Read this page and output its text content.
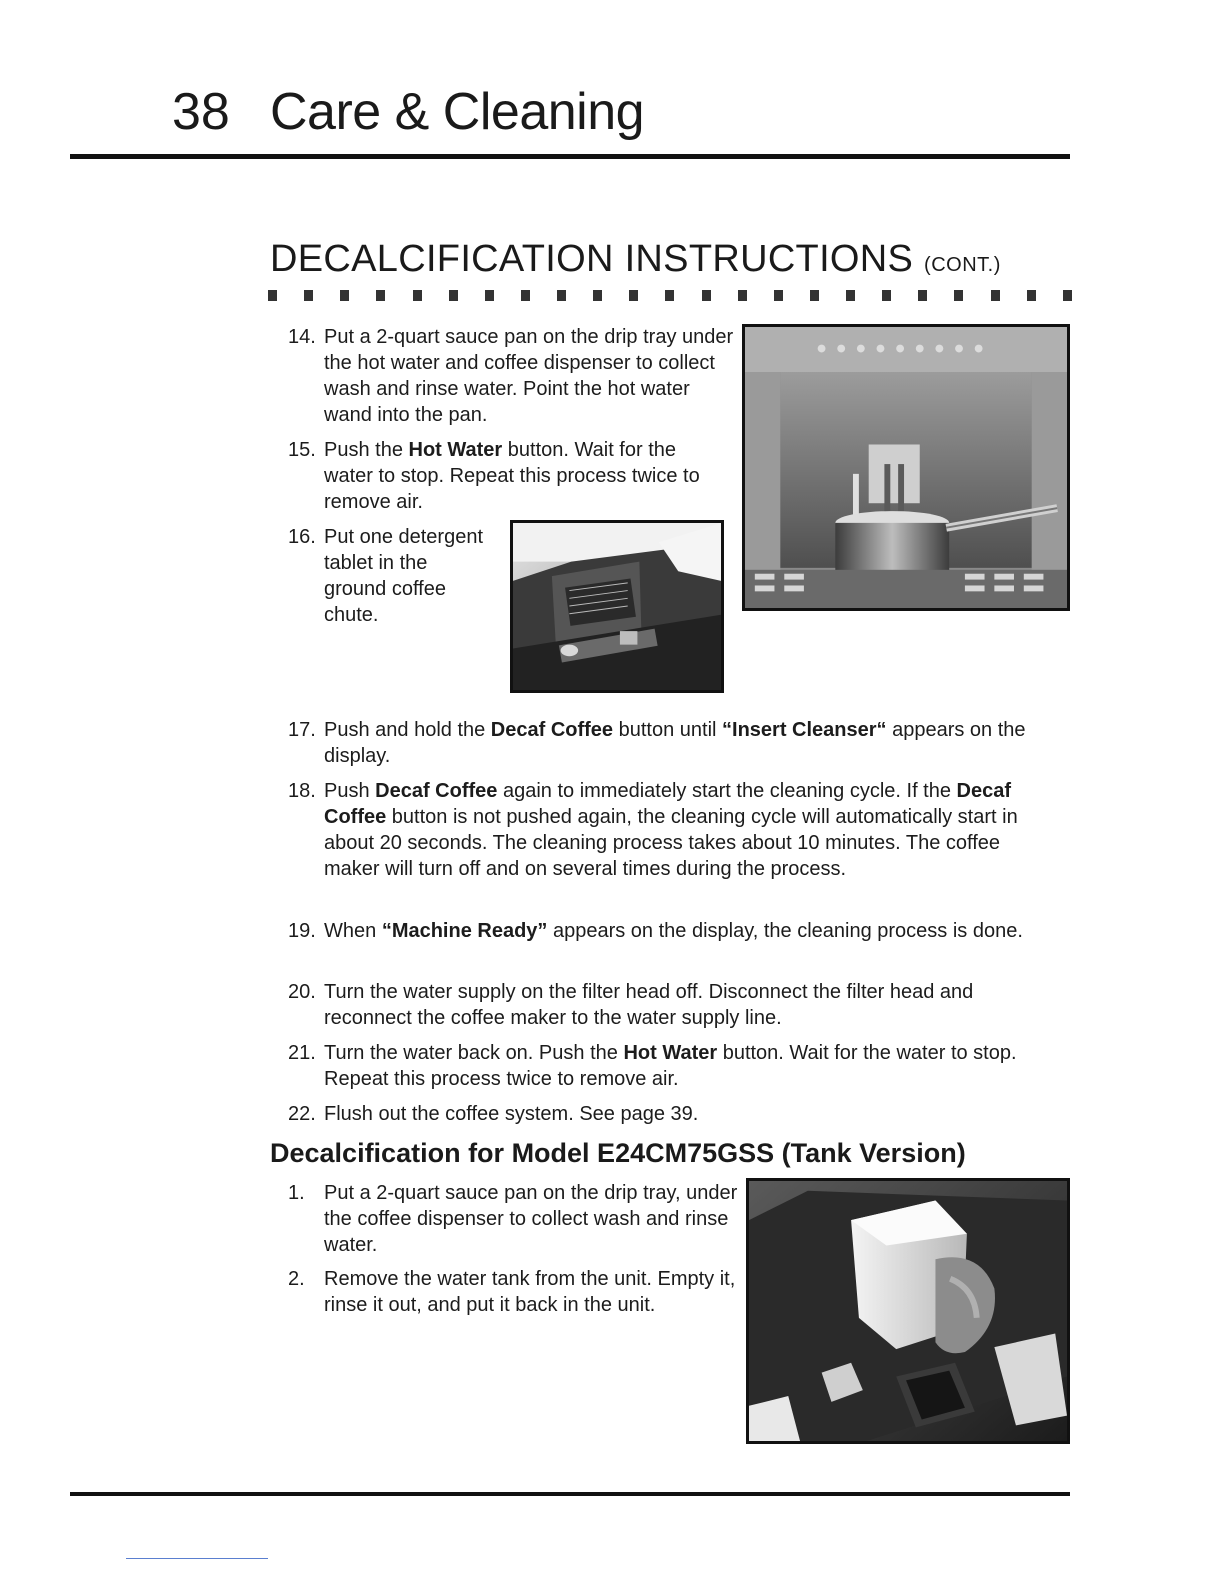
38 Care & Cleaning
DECALCIFICATION INSTRUCTIONS (CONT.)
14. Put a 2-quart sauce pan on the drip tray under the hot water and coffee dispenser to collect wash and rinse water. Point the hot water wand into the pan.
15. Push the Hot Water button. Wait for the water to stop. Repeat this process twice to remove air.
16. Put one detergent tablet in the ground coffee chute.
17. Push and hold the Decaf Coffee button until “Insert Cleanser“ appears on the display.
18. Push Decaf Coffee again to immediately start the cleaning cycle. If the Decaf Coffee button is not pushed again, the cleaning cycle will automatically start in about 20 seconds. The cleaning process takes about 10 minutes. The coffee maker will turn off and on several times during the process.
19. When “Machine Ready” appears on the display, the cleaning process is done.
20. Turn the water supply on the filter head off. Disconnect the filter head and reconnect the coffee maker to the water supply line.
21. Turn the water back on. Push the Hot Water button. Wait for the water to stop. Repeat this process twice to remove air.
22. Flush out the coffee system. See page 39.
Decalcification for Model E24CM75GSS (Tank Version)
1. Put a 2-quart sauce pan on the drip tray, under the coffee dispenser to collect wash and rinse water.
2. Remove the water tank from the unit. Empty it, rinse it out, and put it back in the unit.
